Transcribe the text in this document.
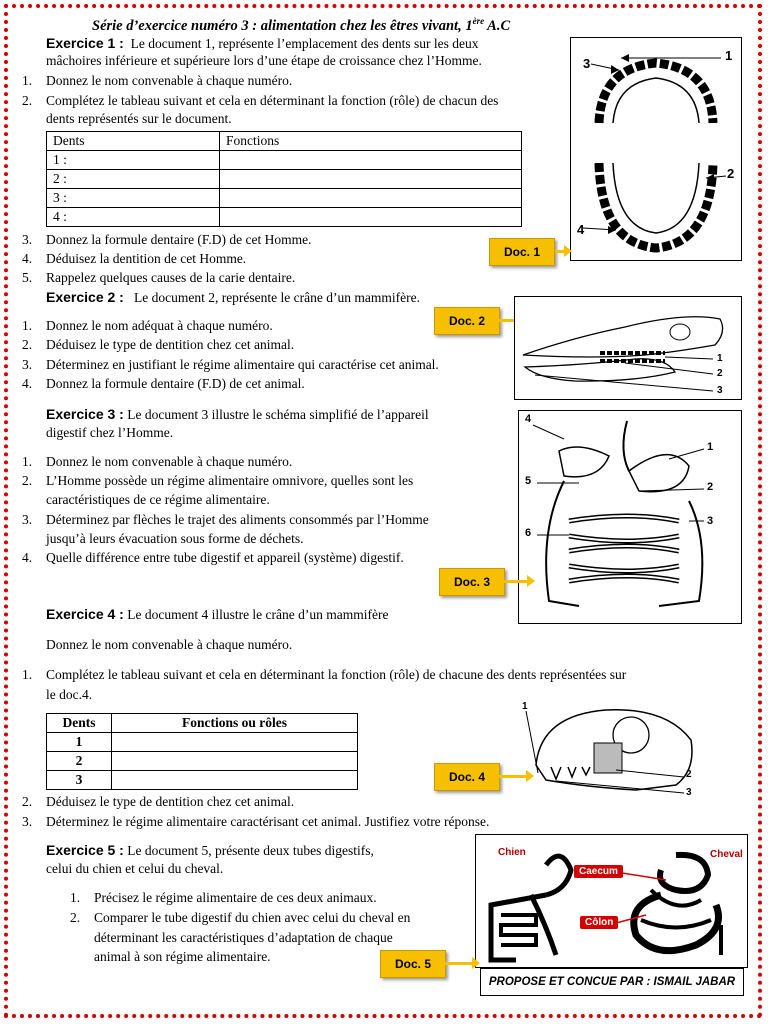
Série d’exercice numéro 3 : alimentation chez les êtres vivant, 1ère A.C
Exercice 1 : Le document 1, représente l’emplacement des dents sur les deux
mâchoires inférieure et supérieure lors d’une étape de croissance chez l’Homme.
1. Donnez le nom convenable à chaque numéro.
2. Complétez le tableau suivant et cela en déterminant la fonction (rôle) de chacun des
dents représentés sur le document.
Dents	Fonctions
1 :	
2 :	
3 :	
4 :	
3. Donnez la formule dentaire (F.D) de cet Homme.
4. Déduisez la dentition de cet Homme.
5. Rappelez quelques causes de la carie dentaire.
1
2
3
4
Doc. 1
Exercice 2 : Le document 2, représente le crâne d’un mammifère.
1. Donnez le nom adéquat à chaque numéro.
2. Déduisez le type de dentition chez cet animal.
3. Déterminez en justifiant le régime alimentaire qui caractérise cet animal.
4. Donnez la formule dentaire (F.D) de cet animal.
Doc. 2
1
2
3
Exercice 3 : Le document 3 illustre le schéma simplifié de l’appareil
digestif chez l’Homme.
1. Donnez le nom convenable à chaque numéro.
2. L’Homme possède un régime alimentaire omnivore, quelles sont les
caractéristiques de ce régime alimentaire.
3. Déterminez par flèches le trajet des aliments consommés par l’Homme
jusqu’à leurs évacuation sous forme de déchets.
4. Quelle différence entre tube digestif et appareil (système) digestif.
4
5
6
1
2
3
Doc. 3
Exercice 4 : Le document 4 illustre le crâne d’un mammifère
Donnez le nom convenable à chaque numéro.
1. Complétez le tableau suivant et cela en déterminant la fonction (rôle) de chacune des dents représentées sur
le doc.4.
Dents	Fonctions ou rôles
1	
2	
3	
2. Déduisez le type de dentition chez cet animal.
3. Déterminez le régime alimentaire caractérisant cet animal. Justifiez votre réponse.
Doc. 4
1
2
3
Exercice 5 : Le document 5, présente deux tubes digestifs,
celui du chien et celui du cheval.
1. Précisez le régime alimentaire de ces deux animaux.
2. Comparer le tube digestif du chien avec celui du cheval en
déterminant les caractéristiques d’adaptation de chaque
animal à son régime alimentaire.
Chien	Cheval
Caecum
Côlon
Doc. 5
PROPOSE ET CONCUE PAR : ISMAIL JABAR
